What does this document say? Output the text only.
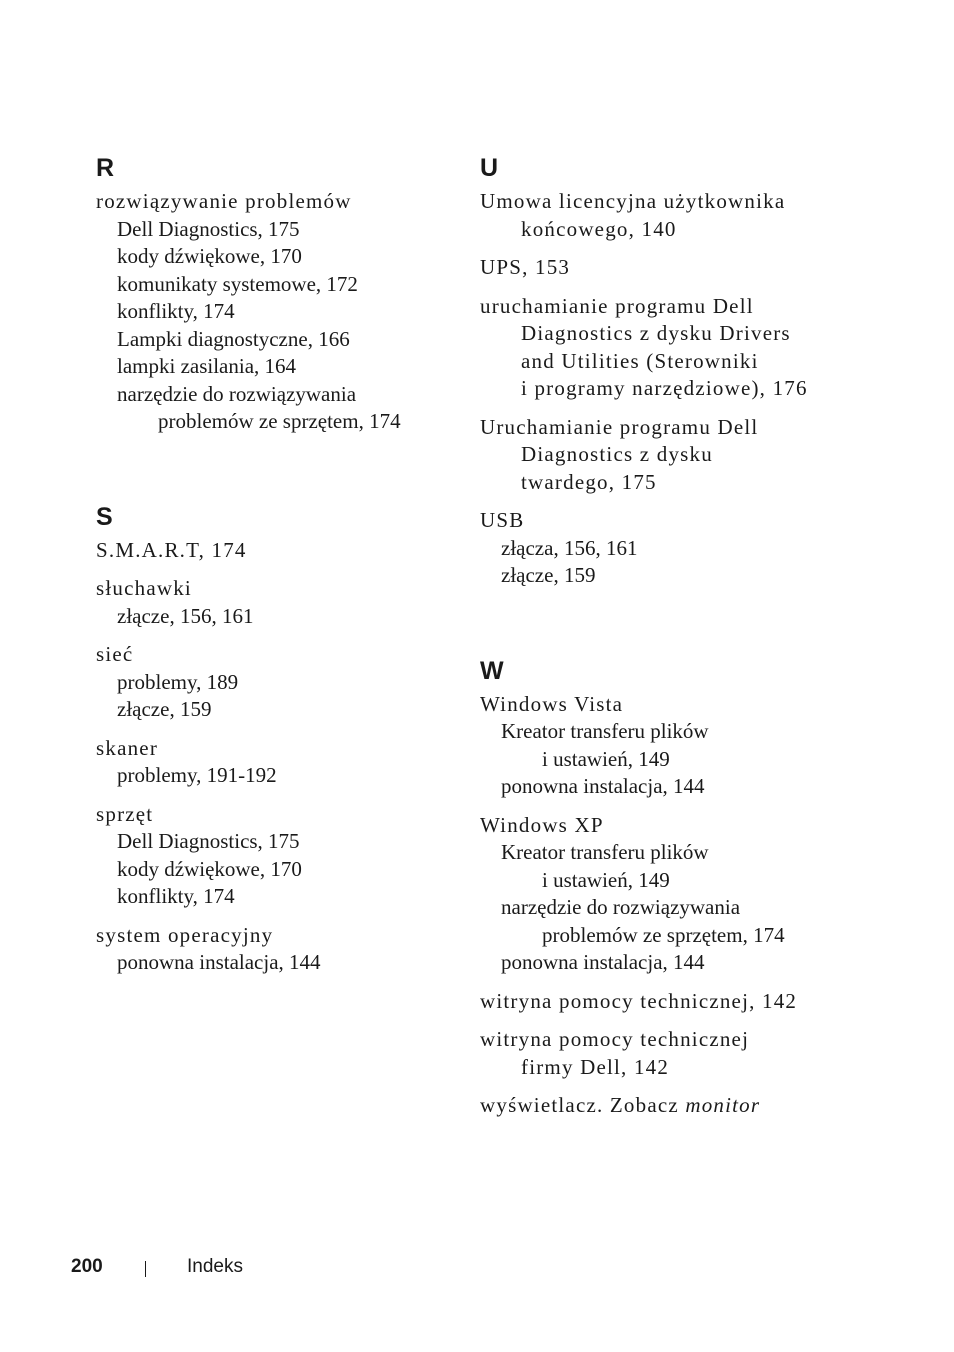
R
rozwiązywanie problemów
Dell Diagnostics, 175
kody dźwiękowe, 170
komunikaty systemowe, 172
konflikty, 174
Lampki diagnostyczne, 166
lampki zasilania, 164
narzędzie do rozwiązywania
problemów ze sprzętem, 174
S
S.M.A.R.T, 174
słuchawki
złącze, 156, 161
sieć
problemy, 189
złącze, 159
skaner
problemy, 191-192
sprzęt
Dell Diagnostics, 175
kody dźwiękowe, 170
konflikty, 174
system operacyjny
ponowna instalacja, 144
U
Umowa licencyjna użytkownika
końcowego, 140
UPS, 153
uruchamianie programu Dell
Diagnostics z dysku Drivers
and Utilities (Sterowniki
i programy narzędziowe), 176
Uruchamianie programu Dell
Diagnostics z dysku
twardego, 175
USB
złącza, 156, 161
złącze, 159
W
Windows Vista
Kreator transferu plików
i ustawień, 149
ponowna instalacja, 144
Windows XP
Kreator transferu plików
i ustawień, 149
narzędzie do rozwiązywania
problemów ze sprzętem, 174
ponowna instalacja, 144
witryna pomocy technicznej, 142
witryna pomocy technicznej
firmy Dell, 142
wyświetlacz. Zobacz monitor
200	Indeks
